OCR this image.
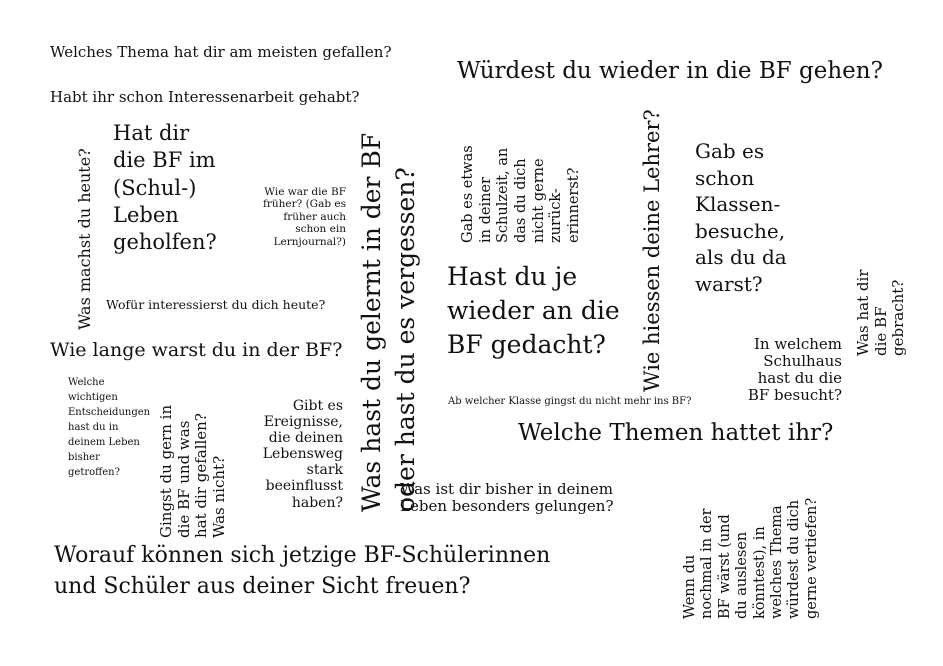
Welches Thema hat dir am meisten gefallen?

Würdest du wieder in die BF gehen?

Habt ihr schon Interessenarbeit gehabt?

Hat dir
die BF im
(Schul-)
Leben
geholfen?

Wie war die BF
früher? (Gab es
früher auch
schon ein
Lernjournal?)

Wofür interessierst du dich heute?

Hast du je
wieder an die
BF gedacht?

Gab es
schon
Klassen-
besuche,
als du da
warst?

Wie lange warst du in der BF?	In welchem
Schulhaus
hast du die
BF besucht?

Ab welcher Klasse gingst du nicht mehr ins BF?

Welche
wichtigen
Entscheidungen
hast du in
deinem Leben
bisher
getroffen?

Gibt es
Ereignisse,
die deinen
Lebensweg
stark
beeinflusst
haben?

Welche Themen hattet ihr?

Was ist dir bisher in deinem
Leben besonders gelungen?

Worauf können sich jetzige BF-Schülerinnen
und Schüler aus deiner Sicht freuen?

Was machst du heute?

Was hast du gelernt in der BF
oder hast du es vergessen?	Gab es etwas
in deiner
Schulzeit, an
das du dich
nicht gerne
zurück-
erinnerst?	Wie hiessen deine Lehrer?	Was hat dir die BF gebracht?

Gingst du gern in
die BF und was
hat dir gefallen?
Was nicht?

Wenn du
nochmal in der
BF wärst (und
du auslesen
könntest), in
welches Thema
würdest du dich
gerne vertiefen?
